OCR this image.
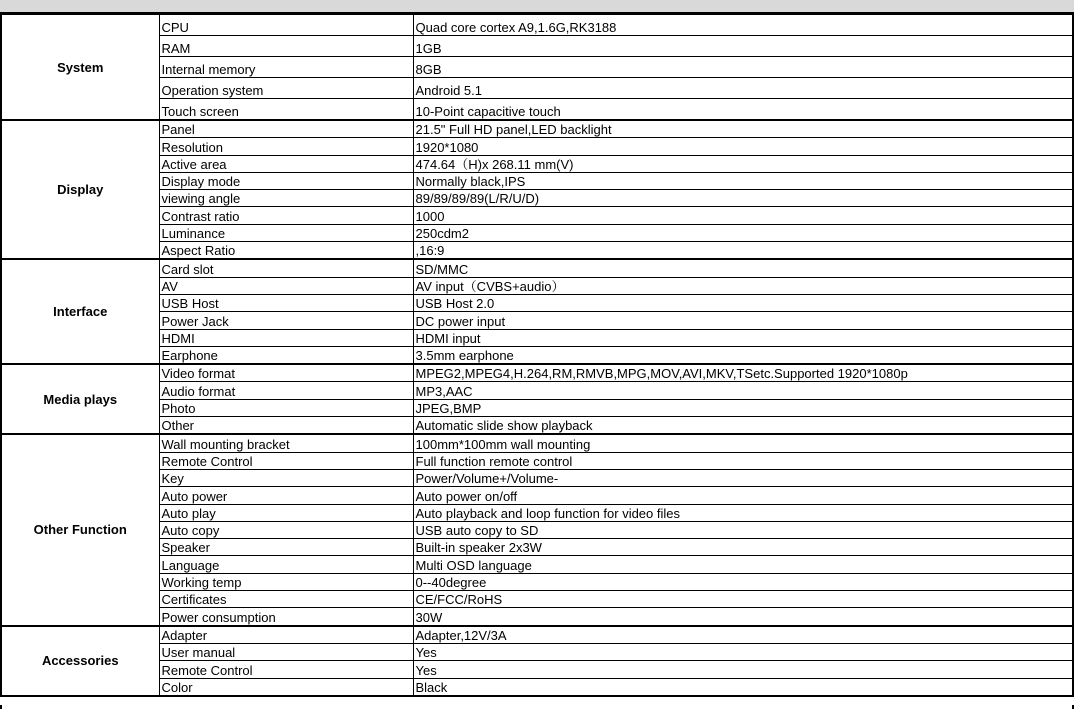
System	CPU	Quad core cortex A9,1.6G,RK3188
	RAM	1GB
	Internal memory	8GB
	Operation system	Android 5.1
	Touch screen	10-Point capacitive touch
Display	Panel	21.5" Full HD panel,LED backlight
	Resolution	1920*1080
	Active area	474.64（H)x 268.11 mm(V)
	Display mode	Normally black,IPS
	viewing angle	89/89/89/89(L/R/U/D)
	Contrast ratio	1000
	Luminance	250cdm2
	Aspect Ratio	,16:9
Interface	Card slot	SD/MMC
	AV	AV input（CVBS+audio）
	USB Host	USB Host 2.0
	Power Jack	DC power input
	HDMI	HDMI input
	Earphone	3.5mm earphone
Media plays	Video format	MPEG2,MPEG4,H.264,RM,RMVB,MPG,MOV,AVI,MKV,TSetc.Supported 1920*1080p
	Audio format	MP3,AAC
	Photo	JPEG,BMP
	Other	Automatic slide show playback
Other Function	Wall mounting bracket	100mm*100mm wall mounting
	Remote Control	Full function remote control
	Key	Power/Volume+/Volume-
	Auto power	Auto power on/off
	Auto play	Auto playback and loop function for video files
	Auto copy	USB auto copy to SD
	Speaker	Built-in speaker 2x3W
	Language	Multi OSD language
	Working temp	0--40degree
	Certificates	CE/FCC/RoHS
	Power consumption	30W
Accessories	Adapter	Adapter,12V/3A
	User manual	Yes
	Remote Control	Yes
	Color	Black
